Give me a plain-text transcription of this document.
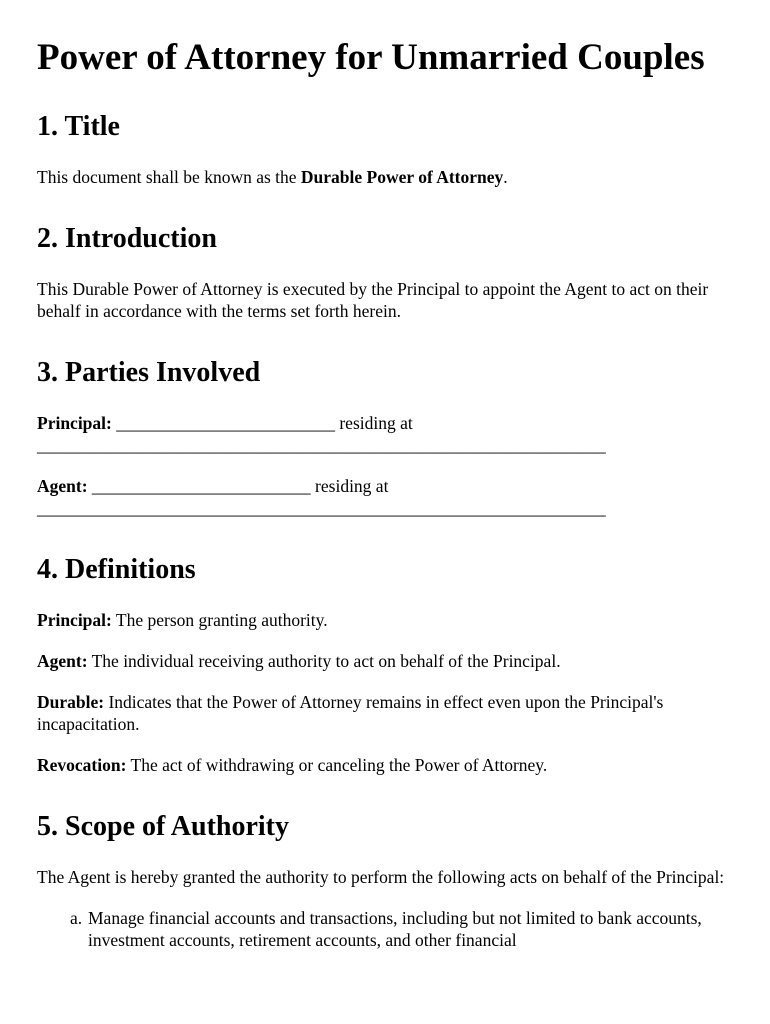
Power of Attorney for Unmarried Couples
1. Title

This document shall be known as the Durable Power of Attorney.

2. Introduction

This Durable Power of Attorney is executed by the Principal to appoint the Agent to act on their behalf in accordance with the terms set forth herein.

3. Parties Involved

Principal: _________________________ residing at
_________________________________________________________________

Agent: _________________________ residing at
_________________________________________________________________

4. Definitions

Principal: The person granting authority.

Agent: The individual receiving authority to act on behalf of the Principal.

Durable: Indicates that the Power of Attorney remains in effect even upon the Principal's incapacitation.

Revocation: The act of withdrawing or canceling the Power of Attorney.

5. Scope of Authority

The Agent is hereby granted the authority to perform the following acts on behalf of the Principal:

a. Manage financial accounts and transactions, including but not limited to bank accounts, investment accounts, retirement accounts, and other financial
